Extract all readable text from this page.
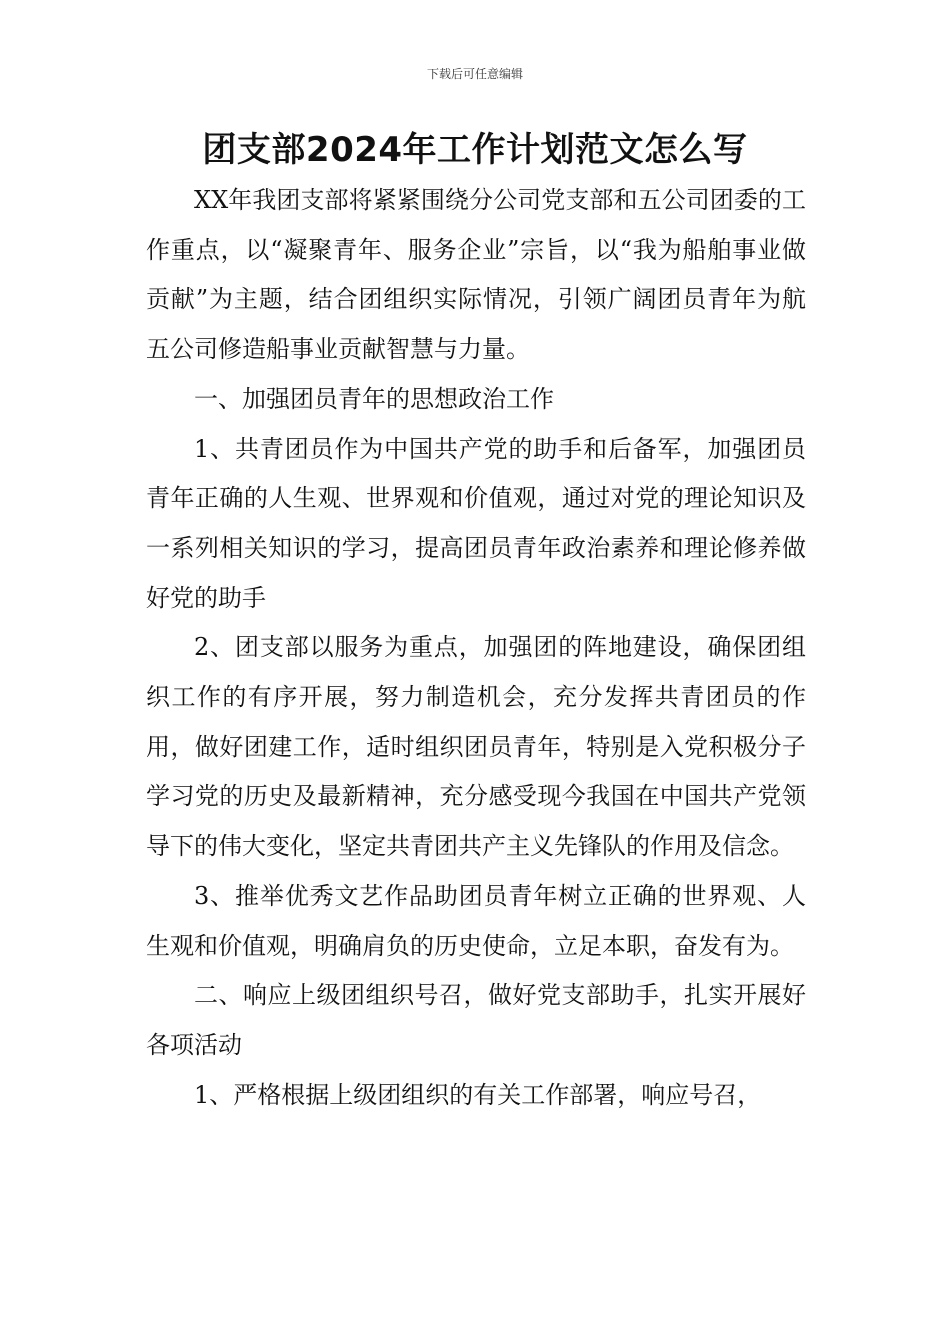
下载后可任意编辑
团支部2024年工作计划范文怎么写

XX年我团支部将紧紧围绕分公司党支部和五公司团委的工作重点，以“凝聚青年、服务企业”宗旨，以“我为船舶事业做贡献”为主题，结合团组织实际情况，引领广阔团员青年为航五公司修造船事业贡献智慧与力量。

一、加强团员青年的思想政治工作

1、共青团员作为中国共产党的助手和后备军，加强团员青年正确的人生观、世界观和价值观，通过对党的理论知识及一系列相关知识的学习，提高团员青年政治素养和理论修养做好党的助手

2、团支部以服务为重点，加强团的阵地建设，确保团组织工作的有序开展，努力制造机会，充分发挥共青团员的作用，做好团建工作，适时组织团员青年，特别是入党积极分子学习党的历史及最新精神，充分感受现今我国在中国共产党领导下的伟大变化，坚定共青团共产主义先锋队的作用及信念。

3、推举优秀文艺作品助团员青年树立正确的世界观、人生观和价值观，明确肩负的历史使命，立足本职，奋发有为。

二、响应上级团组织号召，做好党支部助手，扎实开展好各项活动

1、严格根据上级团组织的有关工作部署，响应号召，
